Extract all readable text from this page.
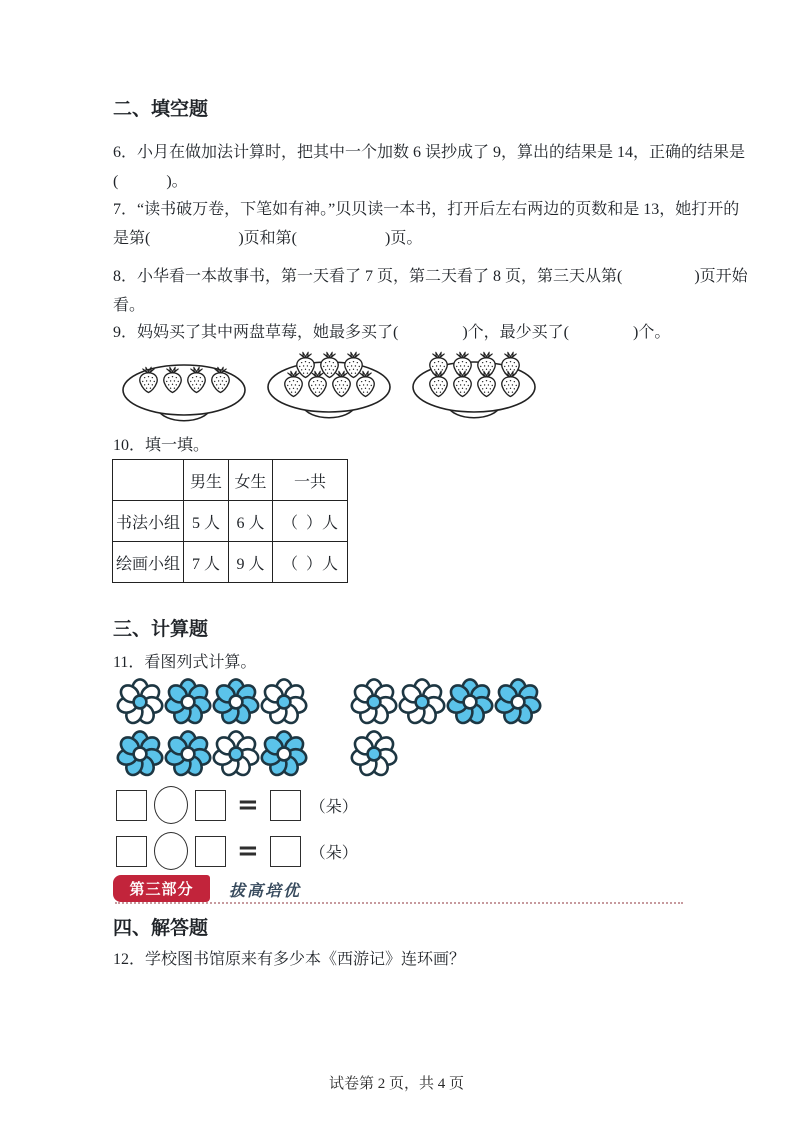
二、填空题
6．小月在做加法计算时，把其中一个加数 6 误抄成了 9，算出的结果是 14，正确的结果是
(            )。
7．“读书破万卷，下笔如有神。”贝贝读一本书，打开后左右两边的页数和是 13，她打开的
是第(                      )页和第(                      )页。
8．小华看一本故事书，第一天看了 7 页，第二天看了 8 页，第三天从第(                  )页开始
看。
9．妈妈买了其中两盘草莓，她最多买了(                )个，最少买了(                )个。
10．填一填。
	男生	女生	一共
书法小组	5 人	6 人	（  ）人
绘画小组	7 人	9 人	（  ）人
三、计算题
11．看图列式计算。
=	（朵）
=	（朵）
第三部分 拔高培优
四、解答题
12．学校图书馆原来有多少本《西游记》连环画？
试卷第 2 页，共 4 页
